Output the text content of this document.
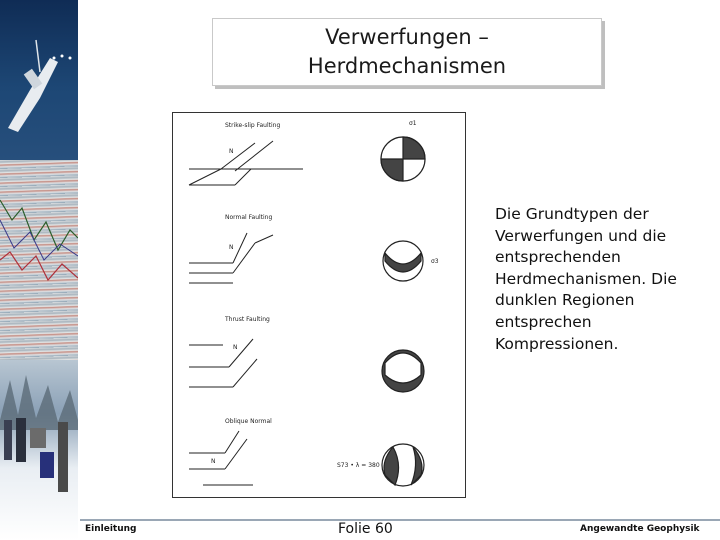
Verwerfungen – Herdmechanismen
Strike-slip Faulting
Normal Faulting
Thrust Faulting
Oblique Normal
N
N
N
N
σ1
σ3
S73 • λ = 380
Die Grundtypen der Verwerfungen und die entsprechenden Herdmechanismen. Die dunklen Regionen entsprechen Kompressionen.
Einleitung	Folie 60	Angewandte Geophysik
